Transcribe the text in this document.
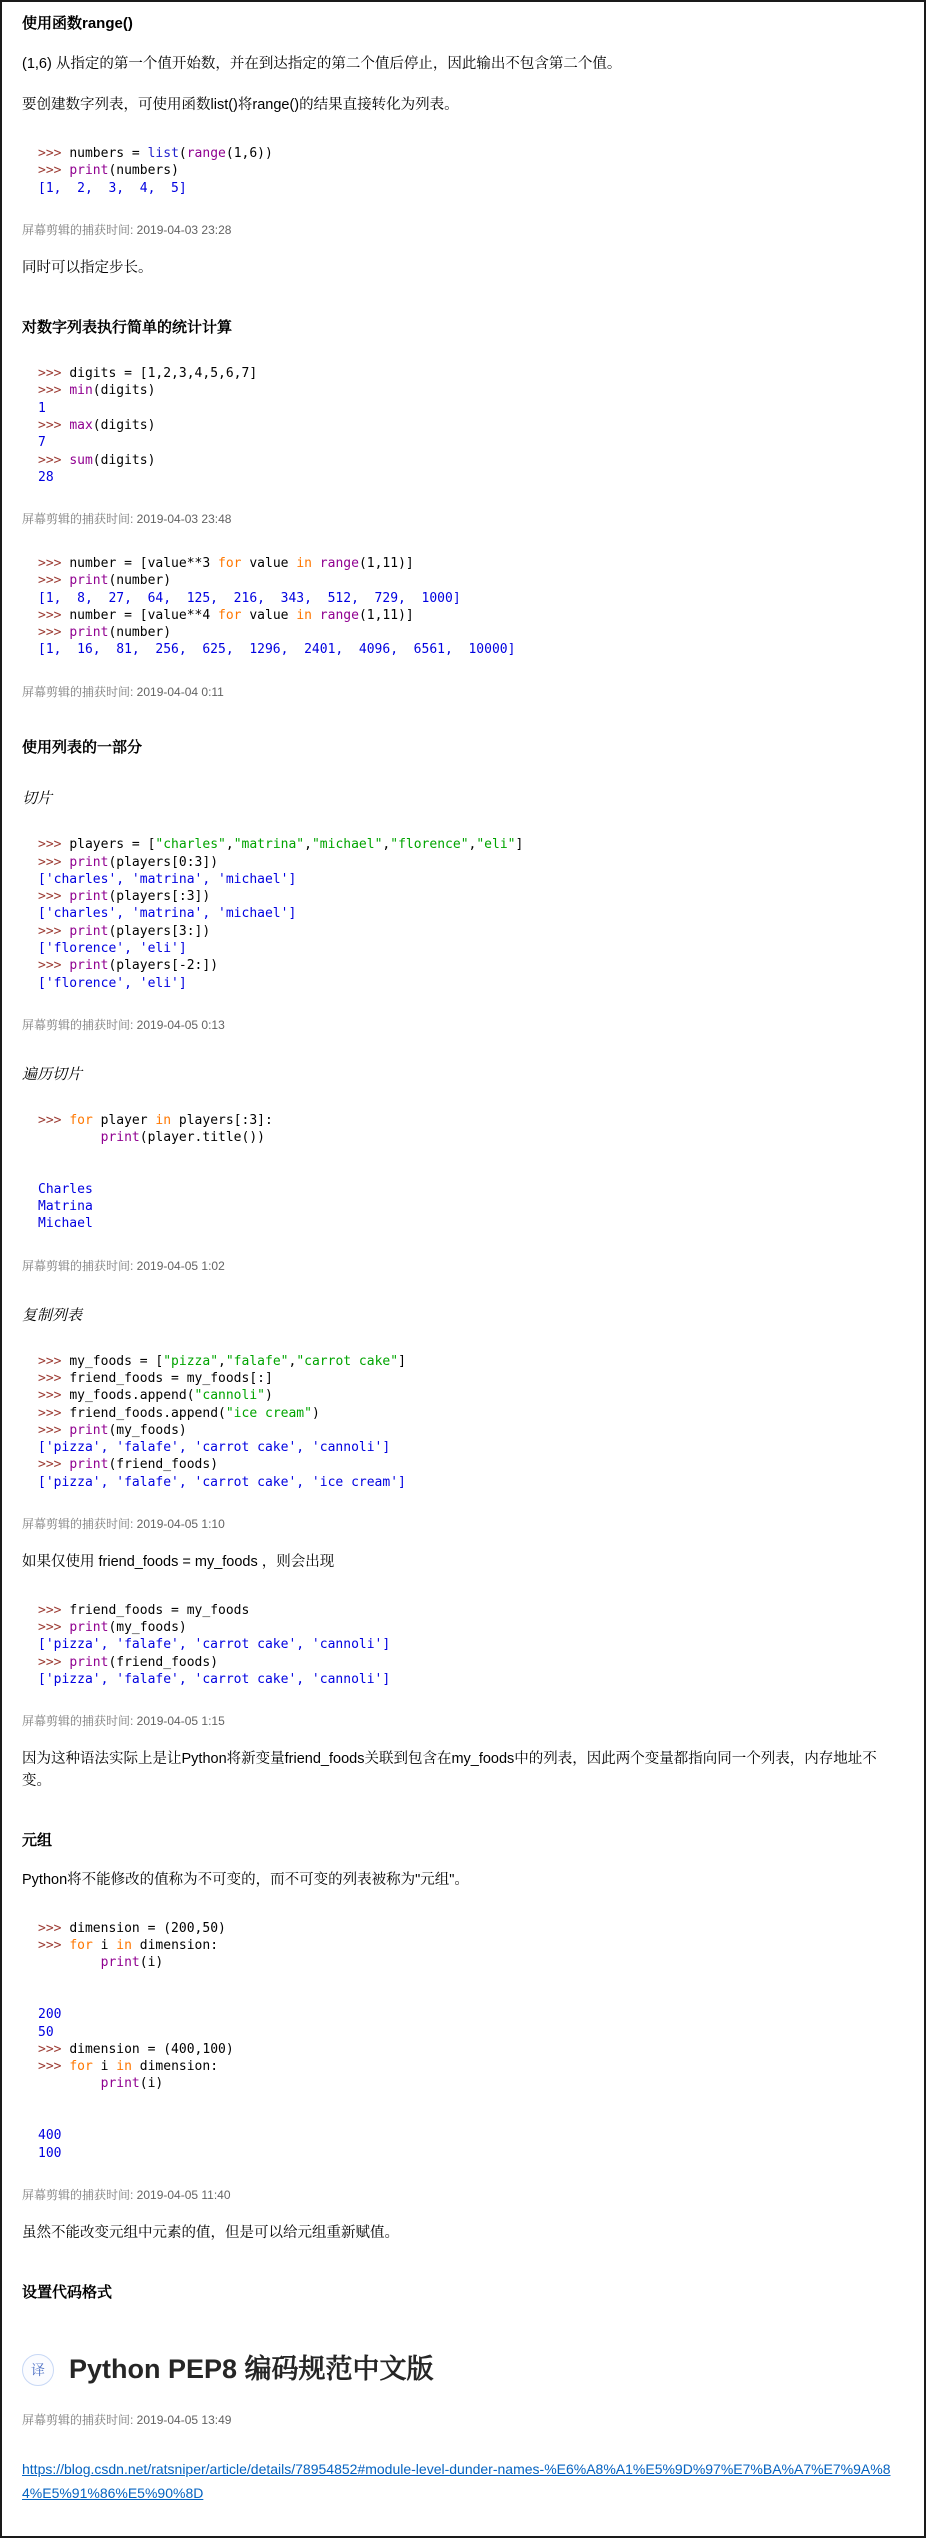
使用函数range()

(1,6) 从指定的第一个值开始数，并在到达指定的第二个值后停止，因此输出不包含第二个值。

要创建数字列表，可使用函数list()将range()的结果直接转化为列表。

>>> numbers = list(range(1,6))
>>> print(numbers)
[1,  2,  3,  4,  5]

屏幕剪辑的捕获时间: 2019-04-03 23:28

同时可以指定步长。

对数字列表执行简单的统计计算
>>> digits = [1,2,3,4,5,6,7]
>>> min(digits)
1
>>> max(digits)
7
>>> sum(digits)
28

屏幕剪辑的捕获时间: 2019-04-03 23:48

>>> number = [value**3 for value in range(1,11)]
>>> print(number)
[1,  8,  27,  64,  125,  216,  343,  512,  729,  1000]
>>> number = [value**4 for value in range(1,11)]
>>> print(number)
[1,  16,  81,  256,  625,  1296,  2401,  4096,  6561,  10000]

屏幕剪辑的捕获时间: 2019-04-04 0:11

使用列表的一部分

切片

>>> players = ["charles","matrina","michael","florence","eli"]
>>> print(players[0:3])
['charles', 'matrina', 'michael']
>>> print(players[:3])
['charles', 'matrina', 'michael']
>>> print(players[3:])
['florence', 'eli']
>>> print(players[-2:])
['florence', 'eli']

屏幕剪辑的捕获时间: 2019-04-05 0:13

遍历切片

>>> for player in players[:3]:
print(player.title())

Charles
Matrina
Michael

屏幕剪辑的捕获时间: 2019-04-05 1:02

复制列表

>>> my_foods = ["pizza","falafe","carrot cake"]
>>> friend_foods = my_foods[:]
>>> my_foods.append("cannoli")
>>> friend_foods.append("ice cream")
>>> print(my_foods)
['pizza', 'falafe', 'carrot cake', 'cannoli']
>>> print(friend_foods)
['pizza', 'falafe', 'carrot cake', 'ice cream']

屏幕剪辑的捕获时间: 2019-04-05 1:10

如果仅使用 friend_foods = my_foods ，则会出现

>>> friend_foods = my_foods
>>> print(my_foods)
['pizza', 'falafe', 'carrot cake', 'cannoli']
>>> print(friend_foods)
['pizza', 'falafe', 'carrot cake', 'cannoli']

屏幕剪辑的捕获时间: 2019-04-05 1:15

因为这种语法实际上是让Python将新变量friend_foods关联到包含在my_foods中的列表，因此两个变量都指向同一个列表，内存地址不变。

元组

Python将不能修改的值称为不可变的，而不可变的列表被称为"元组"。

>>> dimension = (200,50)
>>> for i in dimension:
print(i)

200
50
>>> dimension = (400,100)
>>> for i in dimension:
print(i)

400
100

屏幕剪辑的捕获时间: 2019-04-05 11:40

虽然不能改变元组中元素的值，但是可以给元组重新赋值。

设置代码格式
译 Python PEP8 编码规范中文版

屏幕剪辑的捕获时间: 2019-04-05 13:49

https://blog.csdn.net/ratsniper/article/details/78954852#module-level-dunder-names-%E6%A8%A1%E5%9D%97%E7%BA%A7%E7%9A%84%E5%91%86%E5%90%8D
